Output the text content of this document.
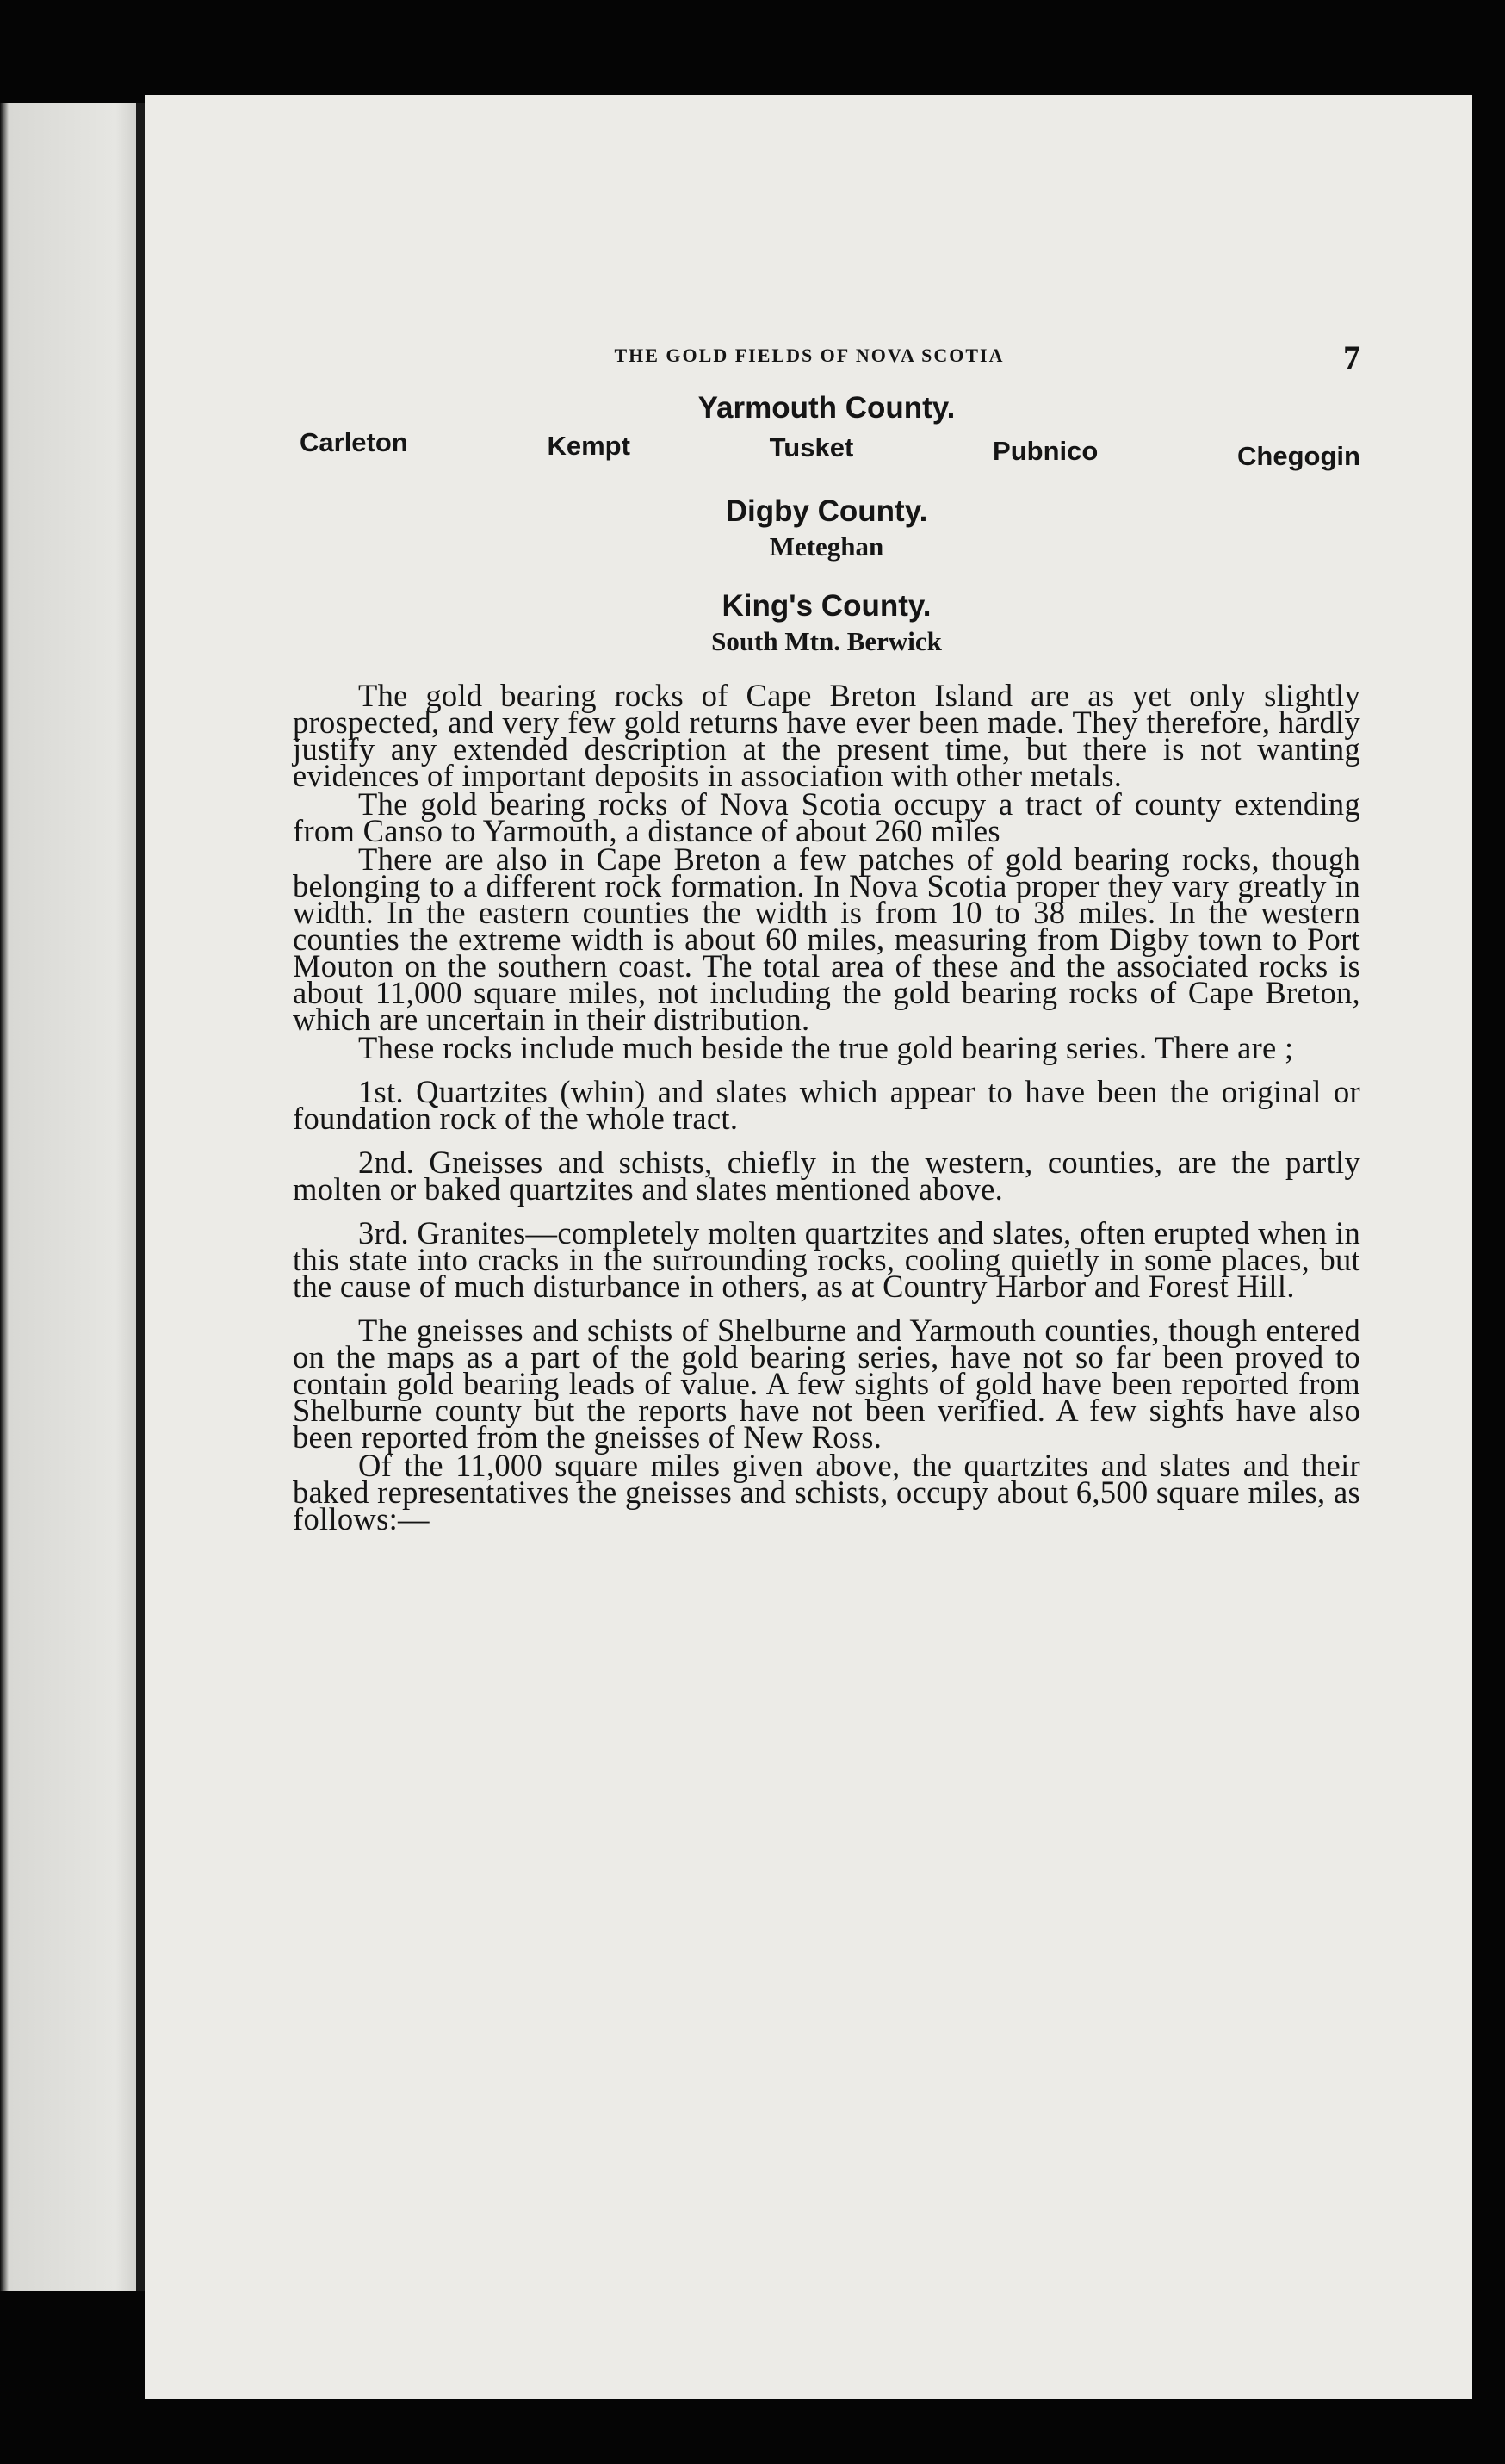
THE GOLD FIELDS OF NOVA SCOTIA	7
Yarmouth County.
Carleton	Kempt	Tusket	Pubnico	Chegogin
Digby County.
Meteghan
King's County.
South Mtn. Berwick

The gold bearing rocks of Cape Breton Island are as yet only slightly prospected, and very few gold returns have ever been made. They therefore, hardly justify any extended description at the present time, but there is not wanting evidences of important deposits in association with other metals.

The gold bearing rocks of Nova Scotia occupy a tract of county extending from Canso to Yarmouth, a distance of about 260 miles

There are also in Cape Breton a few patches of gold bearing rocks, though belonging to a different rock formation. In Nova Scotia proper they vary greatly in width. In the eastern counties the width is from 10 to 38 miles. In the western counties the extreme width is about 60 miles, measuring from Digby town to Port Mouton on the southern coast. The total area of these and the associated rocks is about 11,000 square miles, not including the gold bearing rocks of Cape Breton, which are uncertain in their distribution.

These rocks include much beside the true gold bearing series. There are ;

1st. Quartzites (whin) and slates which appear to have been the original or foundation rock of the whole tract.

2nd. Gneisses and schists, chiefly in the western, counties, are the partly molten or baked quartzites and slates mentioned above.

3rd. Granites—completely molten quartzites and slates, often erupted when in this state into cracks in the surrounding rocks, cooling quietly in some places, but the cause of much disturbance in others, as at Country Harbor and Forest Hill.

The gneisses and schists of Shelburne and Yarmouth counties, though entered on the maps as a part of the gold bearing series, have not so far been proved to contain gold bearing leads of value. A few sights of gold have been reported from Shelburne county but the reports have not been verified. A few sights have also been reported from the gneisses of New Ross.

Of the 11,000 square miles given above, the quartzites and slates and their baked representatives the gneisses and schists, occupy about 6,500 square miles, as follows:—
